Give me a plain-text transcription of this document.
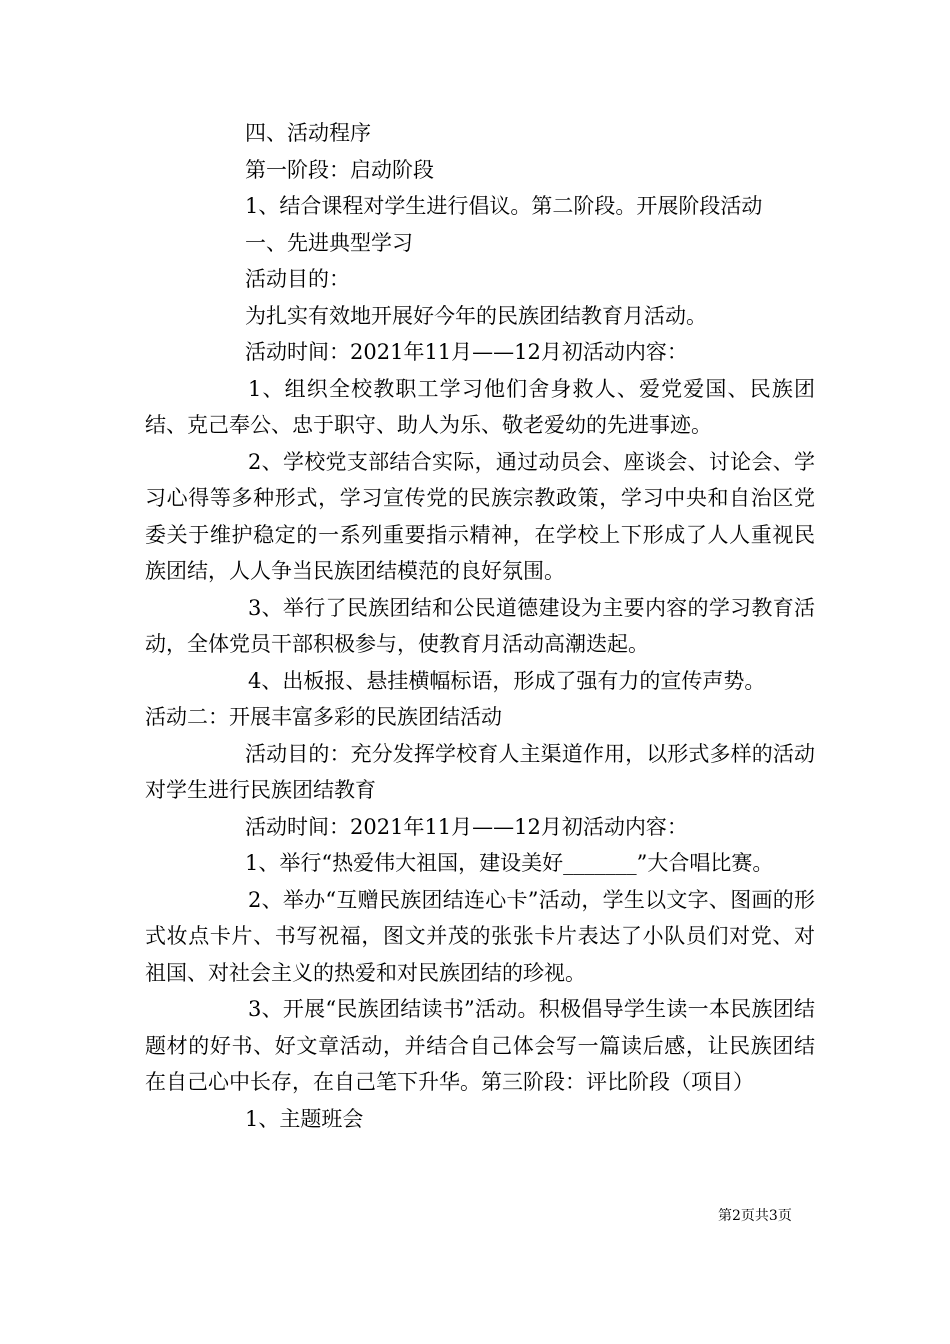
四、活动程序

第一阶段：启动阶段

1、结合课程对学生进行倡议。第二阶段。开展阶段活动

一、先进典型学习

活动目的：

为扎实有效地开展好今年的民族团结教育月活动。

活动时间：2021年11月——12月初活动内容：

1、组织全校教职工学习他们舍身救人、爱党爱国、民族团结、克己奉公、忠于职守、助人为乐、敬老爱幼的先进事迹。

2、学校党支部结合实际，通过动员会、座谈会、讨论会、学习心得等多种形式，学习宣传党的民族宗教政策，学习中央和自治区党委关于维护稳定的一系列重要指示精神，在学校上下形成了人人重视民族团结，人人争当民族团结模范的良好氛围。

3、举行了民族团结和公民道德建设为主要内容的学习教育活动，全体党员干部积极参与，使教育月活动高潮迭起。

4、出板报、悬挂横幅标语，形成了强有力的宣传声势。

活动二：开展丰富多彩的民族团结活动

活动目的：充分发挥学校育人主渠道作用，以形式多样的活动对学生进行民族团结教育

活动时间：2021年11月——12月初活动内容：

1、举行“热爱伟大祖国，建设美好_______”大合唱比赛。

2、举办“互赠民族团结连心卡”活动，学生以文字、图画的形式妆点卡片、书写祝福，图文并茂的张张卡片表达了小队员们对党、对祖国、对社会主义的热爱和对民族团结的珍视。

3、开展“民族团结读书”活动。积极倡导学生读一本民族团结题材的好书、好文章活动，并结合自己体会写一篇读后感，让民族团结在自己心中长存，在自己笔下升华。第三阶段：评比阶段（项目）

1、主题班会

第2页共3页
